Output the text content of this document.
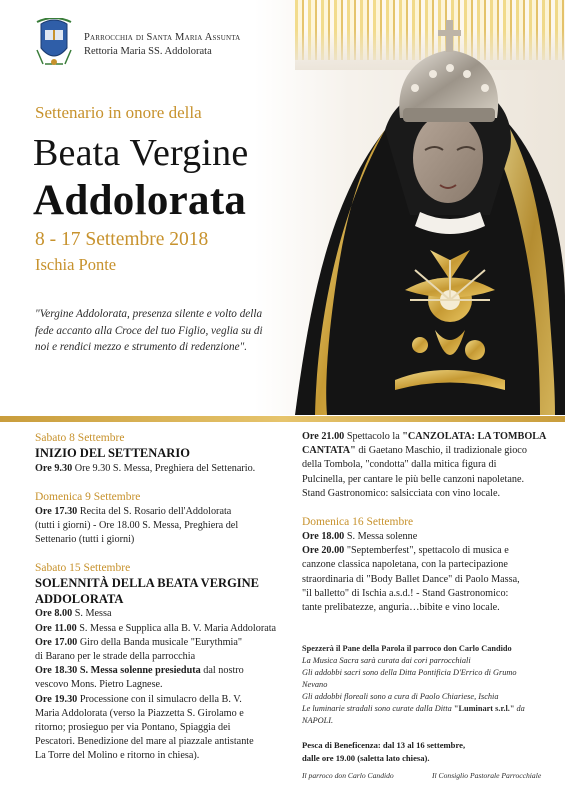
Parrocchia di Santa Maria Assunta
Rettoria Maria SS. Addolorata
Settenario in onore della
Beata Vergine
Addolorata
8 - 17 Settembre 2018
Ischia Ponte
"Vergine Addolorata, presenza silente e volto della fede accanto alla Croce del tuo Figlio, veglia su di noi e rendici mezzo e strumento di redenzione".
Sabato 8 Settembre
INIZIO DEL SETTENARIO
Ore 9.30 Ore 9.30 S. Messa, Preghiera del Settenario.
Domenica 9 Settembre
Ore 17.30 Recita del S. Rosario dell'Addolorata
(tutti i giorni) - Ore 18.00 S. Messa, Preghiera del
Settenario (tutti i giorni)
Sabato 15 Settembre
SOLENNITÀ DELLA BEATA VERGINE
ADDOLORATA
Ore 8.00 S. Messa
Ore 11.00 S. Messa e Supplica alla B. V. Maria Addolorata
Ore 17.00 Giro della Banda musicale "Eurythmia"
di Barano per le strade della parrocchia
Ore 18.30 S. Messa solenne presieduta dal nostro
vescovo Mons. Pietro Lagnese.
Ore 19.30 Processione con il simulacro della B. V.
Maria Addolorata (verso la Piazzetta S. Girolamo e
ritorno; prosieguo per via Pontano, Spiaggia dei
Pescatori. Benedizione del mare al piazzale antistante
La Torre del Molino e ritorno in chiesa).
Ore 21.00 Spettacolo la "CANZOLATA: LA TOMBOLA
CANTATA" di Gaetano Maschio, il tradizionale gioco
della Tombola, "condotta" dalla mitica figura di
Pulcinella, per cantare le più belle canzoni napoletane.
Stand Gastronomico: salsicciata con vino locale.
Domenica 16 Settembre
Ore 18.00 S. Messa solenne
Ore 20.00 "Septemberfest", spettacolo di musica e
canzone classica napoletana, con la partecipazione
straordinaria di "Body Ballet Dance" di Paolo Massa,
"il balletto" di Ischia a.s.d.! - Stand Gastronomico:
tante prelibatezze, anguria…bibite e vino locale.
Spezzerà il Pane della Parola il parroco don Carlo Candido
La Musica Sacra sarà curata dai cori parrocchiali
Gli addobbi sacri sono della Ditta Pontificia D'Errico di Grumo
Nevano
Gli addobbi floreali sono a cura di Paolo Chiariese, Ischia
Le luminarie stradali sono curate dalla Ditta "Luminart s.r.l." da
NAPOLI.
Pesca di Beneficenza: dal 13 al 16 settembre,
dalle ore 19.00 (saletta lato chiesa).
Il parroco don Carlo Candido	Il Consiglio Pastorale Parrocchiale
